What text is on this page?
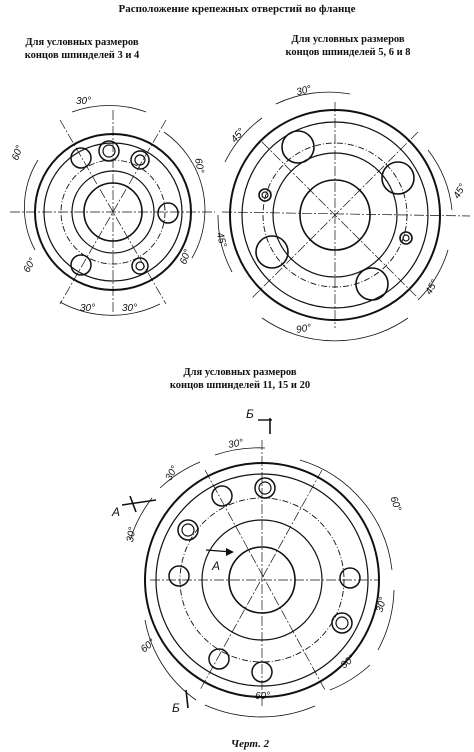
Расположение крепежных отверстий во фланце
Для условных размеров
концов шпинделей 3 и 4
Для условных размеров
концов шпинделей 5, 6 и 8
Для условных размеров
концов шпинделей 11, 15 и 20
Черт. 2
30°
60°
60°
60°	60°
30°	30°
30°
45°
45°
45°
45°
90°
30°
30°
30°
60°
30°
60°
30°
60°
Б
Б
А
А
